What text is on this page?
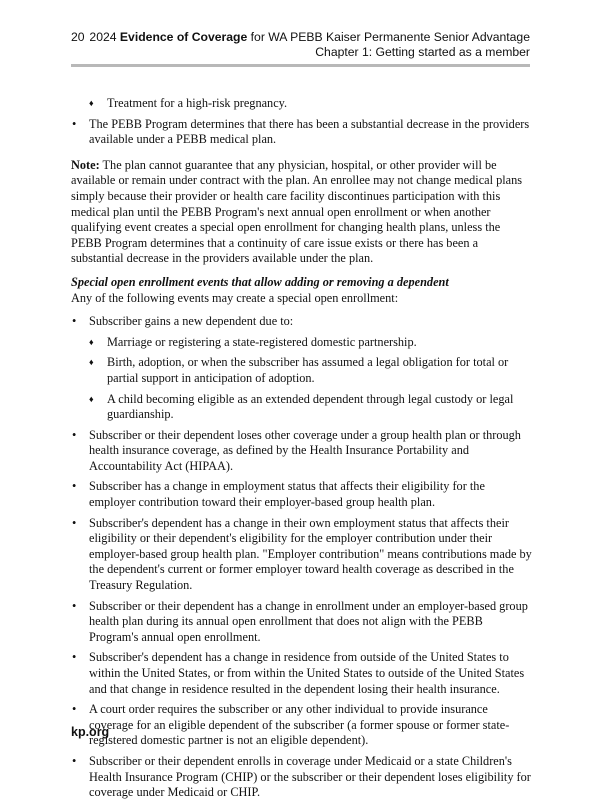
20 2024 Evidence of Coverage for WA PEBB Kaiser Permanente Senior Advantage
Chapter 1: Getting started as a member
♦ Treatment for a high-risk pregnancy.
• The PEBB Program determines that there has been a substantial decrease in the providers available under a PEBB medical plan.

Note: The plan cannot guarantee that any physician, hospital, or other provider will be available or remain under contract with the plan. An enrollee may not change medical plans simply because their provider or health care facility discontinues participation with this medical plan until the PEBB Program's next annual open enrollment or when another qualifying event creates a special open enrollment for changing health plans, unless the PEBB Program determines that a continuity of care issue exists or there has been a substantial decrease in the providers available under the plan.

Special open enrollment events that allow adding or removing a dependent

Any of the following events may create a special open enrollment:

• Subscriber gains a new dependent due to:
♦ Marriage or registering a state-registered domestic partnership.
♦ Birth, adoption, or when the subscriber has assumed a legal obligation for total or partial support in anticipation of adoption.
♦ A child becoming eligible as an extended dependent through legal custody or legal guardianship.
• Subscriber or their dependent loses other coverage under a group health plan or through health insurance coverage, as defined by the Health Insurance Portability and Accountability Act (HIPAA).
• Subscriber has a change in employment status that affects their eligibility for the employer contribution toward their employer-based group health plan.
• Subscriber's dependent has a change in their own employment status that affects their eligibility or their dependent's eligibility for the employer contribution under their employer-based group health plan. "Employer contribution" means contributions made by the dependent's current or former employer toward health coverage as described in the Treasury Regulation.
• Subscriber or their dependent has a change in enrollment under an employer-based group health plan during its annual open enrollment that does not align with the PEBB Program's annual open enrollment.
• Subscriber's dependent has a change in residence from outside of the United States to within the United States, or from within the United States to outside of the United States and that change in residence resulted in the dependent losing their health insurance.
• A court order requires the subscriber or any other individual to provide insurance coverage for an eligible dependent of the subscriber (a former spouse or former state-registered domestic partner is not an eligible dependent).
• Subscriber or their dependent enrolls in coverage under Medicaid or a state Children's Health Insurance Program (CHIP) or the subscriber or their dependent loses eligibility for coverage under Medicaid or CHIP.
kp.org
